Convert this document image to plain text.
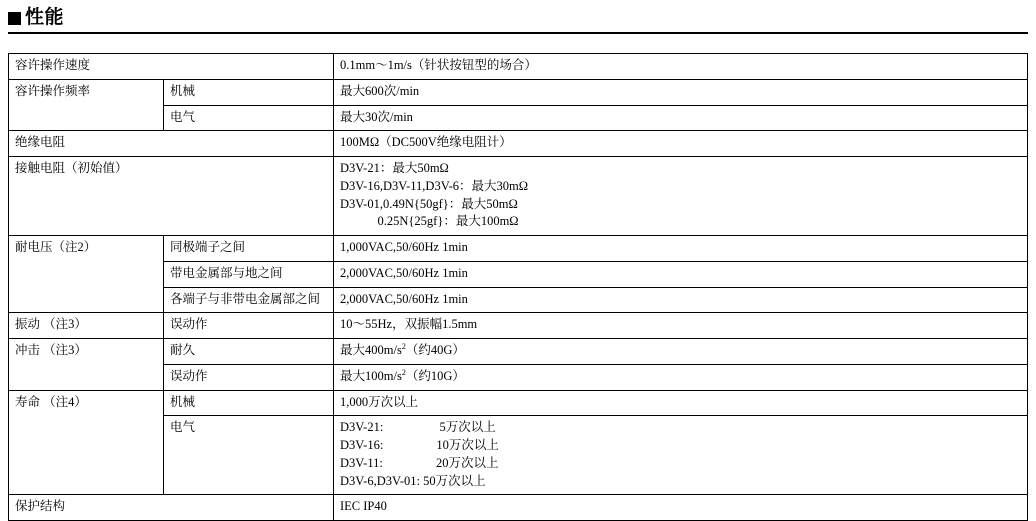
性能
容许操作速度		0.1mm～1m/s（针状按钮型的场合）
容许操作频率	机械	最大600次/min
	电气	最大30次/min
绝缘电阻		100MΩ（DC500V绝缘电阻计）
接触电阻（初始值）		D3V-21：最大50mΩ
D3V-16,D3V-11,D3V-6：最大30mΩ
D3V-01,0.49N{50gf}：最大50mΩ
0.25N{25gf}：最大100mΩ
耐电压（注2）	同极端子之间	1,000VAC,50/60Hz 1min
	带电金属部与地之间	2,000VAC,50/60Hz 1min
	各端子与非带电金属部之间	2,000VAC,50/60Hz 1min
振动 （注3）	误动作	10～55Hz，双振幅1.5mm
冲击 （注3）	耐久	最大$400m/s^2$（约40G）
	误动作	最大$100m/s^2$（约10G）
寿命 （注4）	机械	1,000万次以上
	电气	D3V-21:　　　　  5万次以上
D3V-16:　　　　 10万次以上
D3V-11:　　　　 20万次以上
D3V-6,D3V-01: 50万次以上
保护结构		IEC IP40
